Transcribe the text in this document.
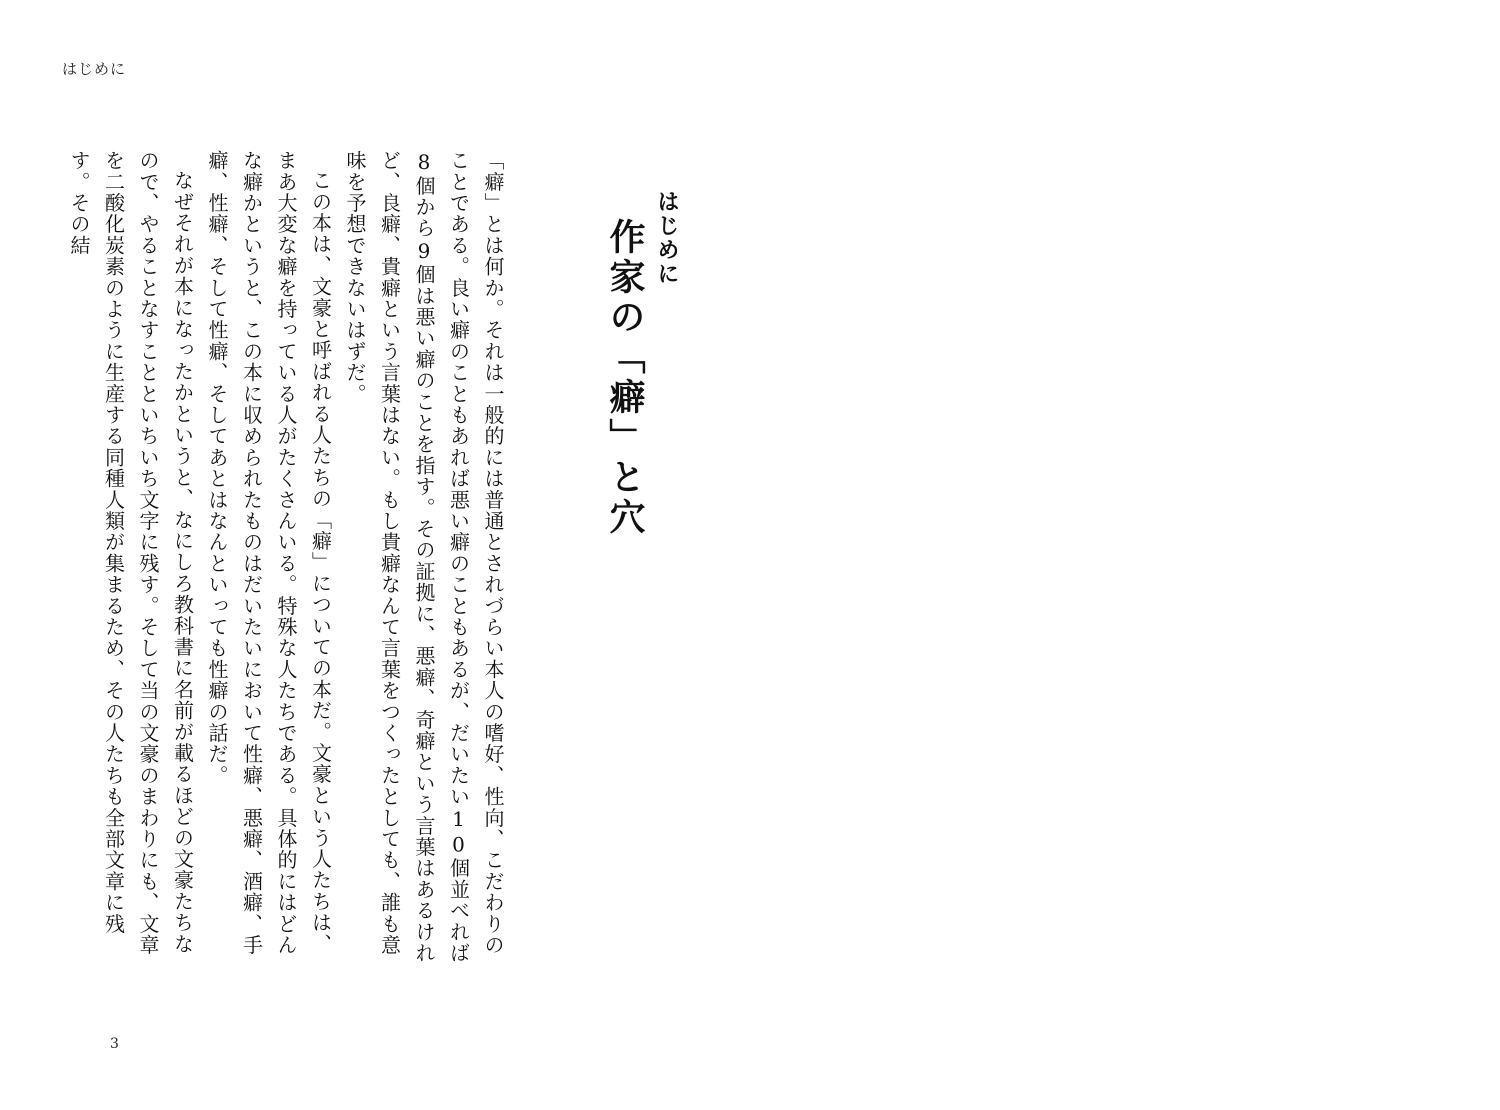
はじめに
はじめに
作家の「癖」と穴

「癖」とは何か。それは一般的には普通とされづらい本人の嗜好、性向、こだわりのことである。良い癖のこともあれば悪い癖のこともあるが、だいたい10個並べれば8個から9個は悪い癖のことを指す。その証拠に、悪癖、奇癖という言葉はあるけれど、良癖、貴癖という言葉はない。もし貴癖なんて言葉をつくったとしても、誰も意味を予想できないはずだ。

この本は、文豪と呼ばれる人たちの「癖」についての本だ。文豪という人たちは、まあ大変な癖を持っている人がたくさんいる。特殊な人たちである。具体的にはどんな癖かというと、この本に収められたものはだいたいにおいて性癖、悪癖、酒癖、手癖、性癖、そして性癖、そしてあとはなんといっても性癖の話だ。

なぜそれが本になったかというと、なにしろ教科書に名前が載るほどの文豪たちなので、やることなすことといちいち文字に残す。そして当の文豪のまわりにも、文章を二酸化炭素のように生産する同種人類が集まるため、その人たちも全部文章に残す。その結

3
